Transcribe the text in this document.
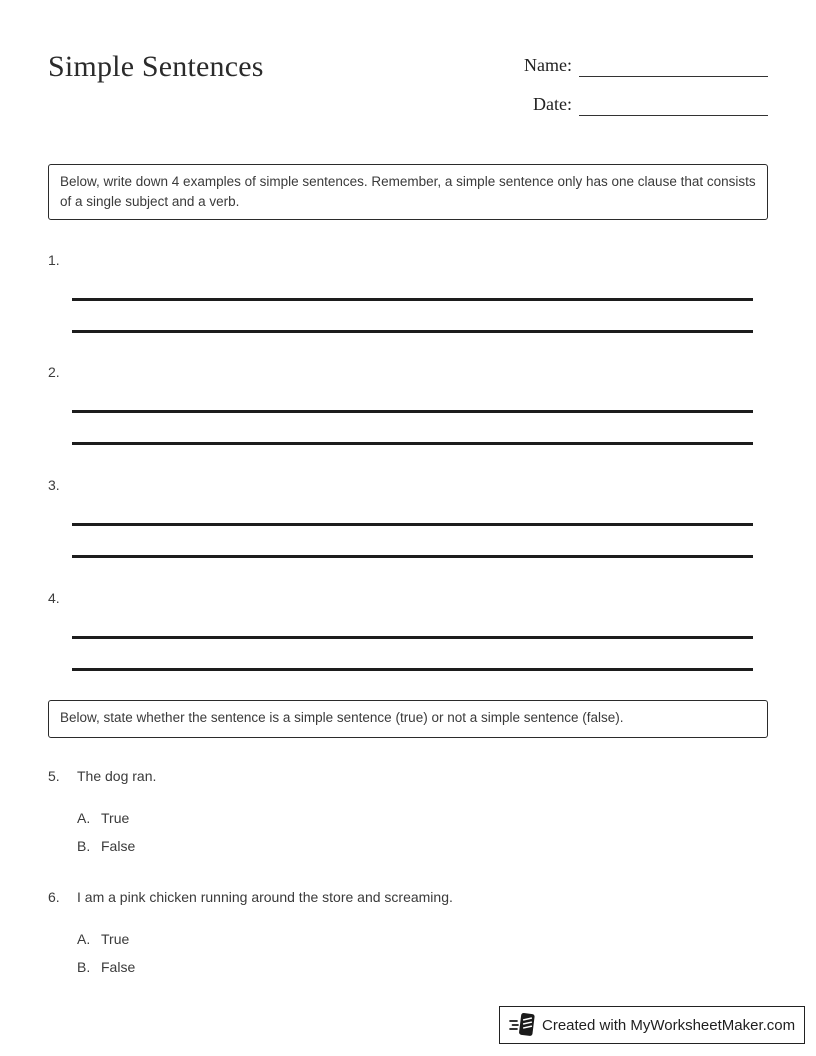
Simple Sentences	Name:
Date:

Below, write down 4 examples of simple sentences. Remember, a simple sentence only has one clause that consists of a single subject and a verb.

1.
2.
3.
4.

Below, state whether the sentence is a simple sentence (true) or not a simple sentence (false).

5.	The dog ran.
A. True
B. False
6.	I am a pink chicken running around the store and screaming.
A. True
B. False
Created with MyWorksheetMaker.com
